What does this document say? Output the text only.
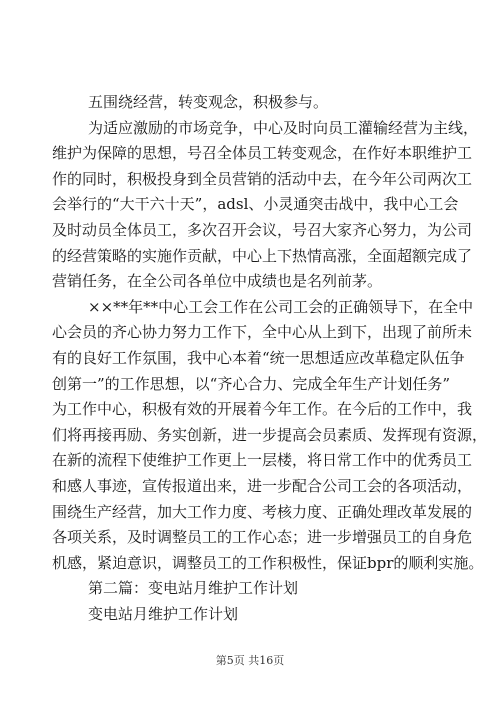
五围绕经营，转变观念，积极参与。
为适应激励的市场竞争，中心及时向员工灌输经营为主线，
维护为保障的思想，号召全体员工转变观念，在作好本职维护工
作的同时，积极投身到全员营销的活动中去，在今年公司两次工
会举行的“大干六十天”，adsl、小灵通突击战中，我中心工会
及时动员全体员工，多次召开会议，号召大家齐心努力，为公司
的经营策略的实施作贡献，中心上下热情高涨，全面超额完成了
营销任务，在全公司各单位中成绩也是名列前茅。
××**年**中心工会工作在公司工会的正确领导下，在全中
心会员的齐心协力努力工作下，全中心从上到下，出现了前所未
有的良好工作氛围，我中心本着“统一思想适应改革稳定队伍争
创第一”的工作思想，以“齐心合力、完成全年生产计划任务”
为工作中心，积极有效的开展着今年工作。在今后的工作中，我
们将再接再励、务实创新，进一步提高会员素质、发挥现有资源，
在新的流程下使维护工作更上一层楼，将日常工作中的优秀员工
和感人事迹，宣传报道出来，进一步配合公司工会的各项活动，
围绕生产经营，加大工作力度、考核力度、正确处理改革发展的
各项关系，及时调整员工的工作心态；进一步增强员工的自身危
机感，紧迫意识，调整员工的工作积极性，保证bpr的顺利实施。
第二篇：变电站月维护工作计划
变电站月维护工作计划
第5页 共16页
